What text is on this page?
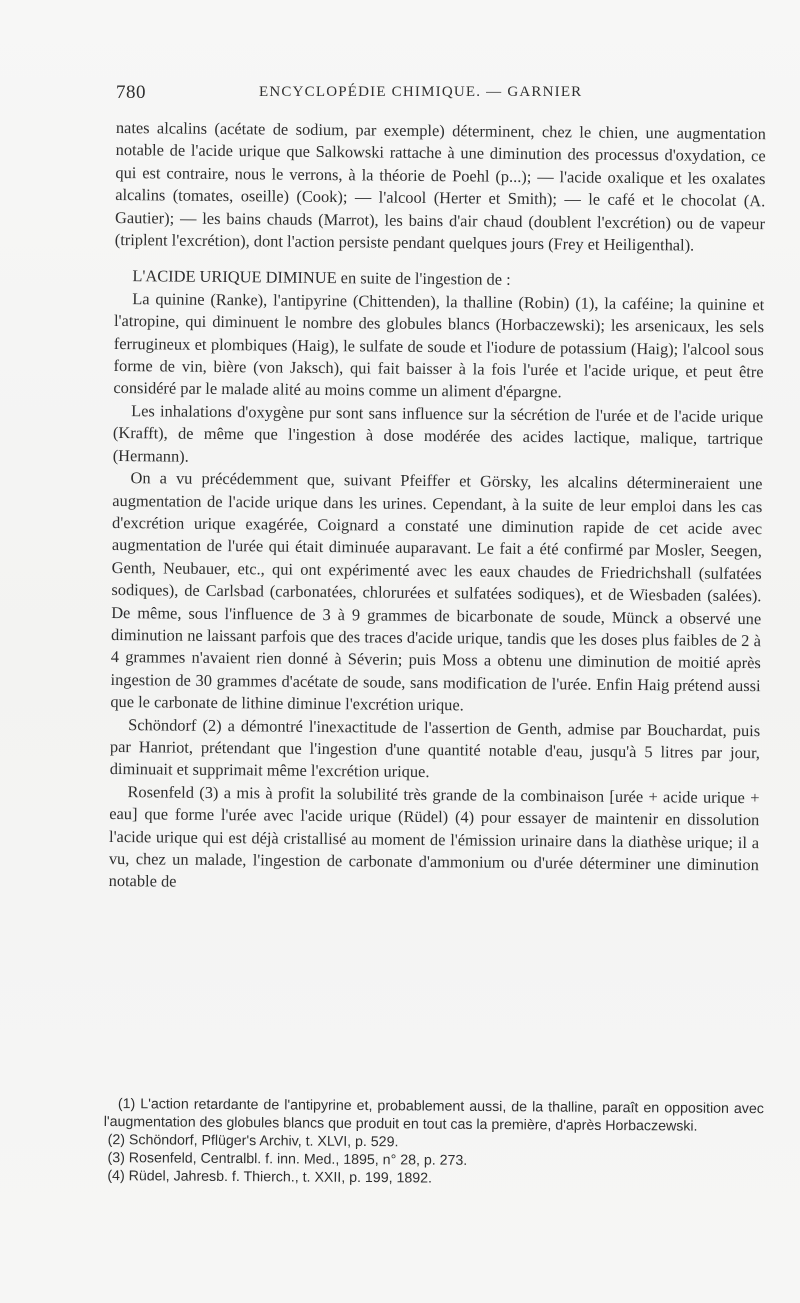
780	ENCYCLOPÉDIE CHIMIQUE. — GARNIER

nates alcalins (acétate de sodium, par exemple) déterminent, chez le chien, une augmentation notable de l'acide urique que Salkowski rattache à une diminution des processus d'oxydation, ce qui est contraire, nous le verrons, à la théorie de Poehl (p...); — l'acide oxalique et les oxalates alcalins (tomates, oseille) (Cook); — l'alcool (Herter et Smith); — le café et le chocolat (A. Gautier); — les bains chauds (Marrot), les bains d'air chaud (doublent l'excrétion) ou de vapeur (triplent l'excrétion), dont l'action persiste pendant quelques jours (Frey et Heiligenthal).

L'ACIDE URIQUE DIMINUE en suite de l'ingestion de :

La quinine (Ranke), l'antipyrine (Chittenden), la thalline (Robin) (1), la caféine; la quinine et l'atropine, qui diminuent le nombre des globules blancs (Horbaczewski); les arsenicaux, les sels ferrugineux et plombiques (Haig), le sulfate de soude et l'iodure de potassium (Haig); l'alcool sous forme de vin, bière (von Jaksch), qui fait baisser à la fois l'urée et l'acide urique, et peut être considéré par le malade alité au moins comme un aliment d'épargne.

Les inhalations d'oxygène pur sont sans influence sur la sécrétion de l'urée et de l'acide urique (Krafft), de même que l'ingestion à dose modérée des acides lactique, malique, tartrique (Hermann).

On a vu précédemment que, suivant Pfeiffer et Görsky, les alcalins détermineraient une augmentation de l'acide urique dans les urines. Cependant, à la suite de leur emploi dans les cas d'excrétion urique exagérée, Coignard a constaté une diminution rapide de cet acide avec augmentation de l'urée qui était diminuée auparavant. Le fait a été confirmé par Mosler, Seegen, Genth, Neubauer, etc., qui ont expérimenté avec les eaux chaudes de Friedrichshall (sulfatées sodiques), de Carlsbad (carbonatées, chlorurées et sulfatées sodiques), et de Wiesbaden (salées). De même, sous l'influence de 3 à 9 grammes de bicarbonate de soude, Münck a observé une diminution ne laissant parfois que des traces d'acide urique, tandis que les doses plus faibles de 2 à 4 grammes n'avaient rien donné à Séverin; puis Moss a obtenu une diminution de moitié après ingestion de 30 grammes d'acétate de soude, sans modification de l'urée. Enfin Haig prétend aussi que le carbonate de lithine diminue l'excrétion urique.

Schöndorf (2) a démontré l'inexactitude de l'assertion de Genth, admise par Bouchardat, puis par Hanriot, prétendant que l'ingestion d'une quantité notable d'eau, jusqu'à 5 litres par jour, diminuait et supprimait même l'excrétion urique.

Rosenfeld (3) a mis à profit la solubilité très grande de la combinaison [urée + acide urique + eau] que forme l'urée avec l'acide urique (Rüdel) (4) pour essayer de maintenir en dissolution l'acide urique qui est déjà cristallisé au moment de l'émission urinaire dans la diathèse urique; il a vu, chez un malade, l'ingestion de carbonate d'ammonium ou d'urée déterminer une diminution notable de

(1) L'action retardante de l'antipyrine et, probablement aussi, de la thalline, paraît en opposition avec l'augmentation des globules blancs que produit en tout cas la première, d'après Horbaczewski.

(2) Schöndorf, Pflüger's Archiv, t. XLVI, p. 529.

(3) Rosenfeld, Centralbl. f. inn. Med., 1895, n° 28, p. 273.

(4) Rüdel, Jahresb. f. Thierch., t. XXII, p. 199, 1892.
